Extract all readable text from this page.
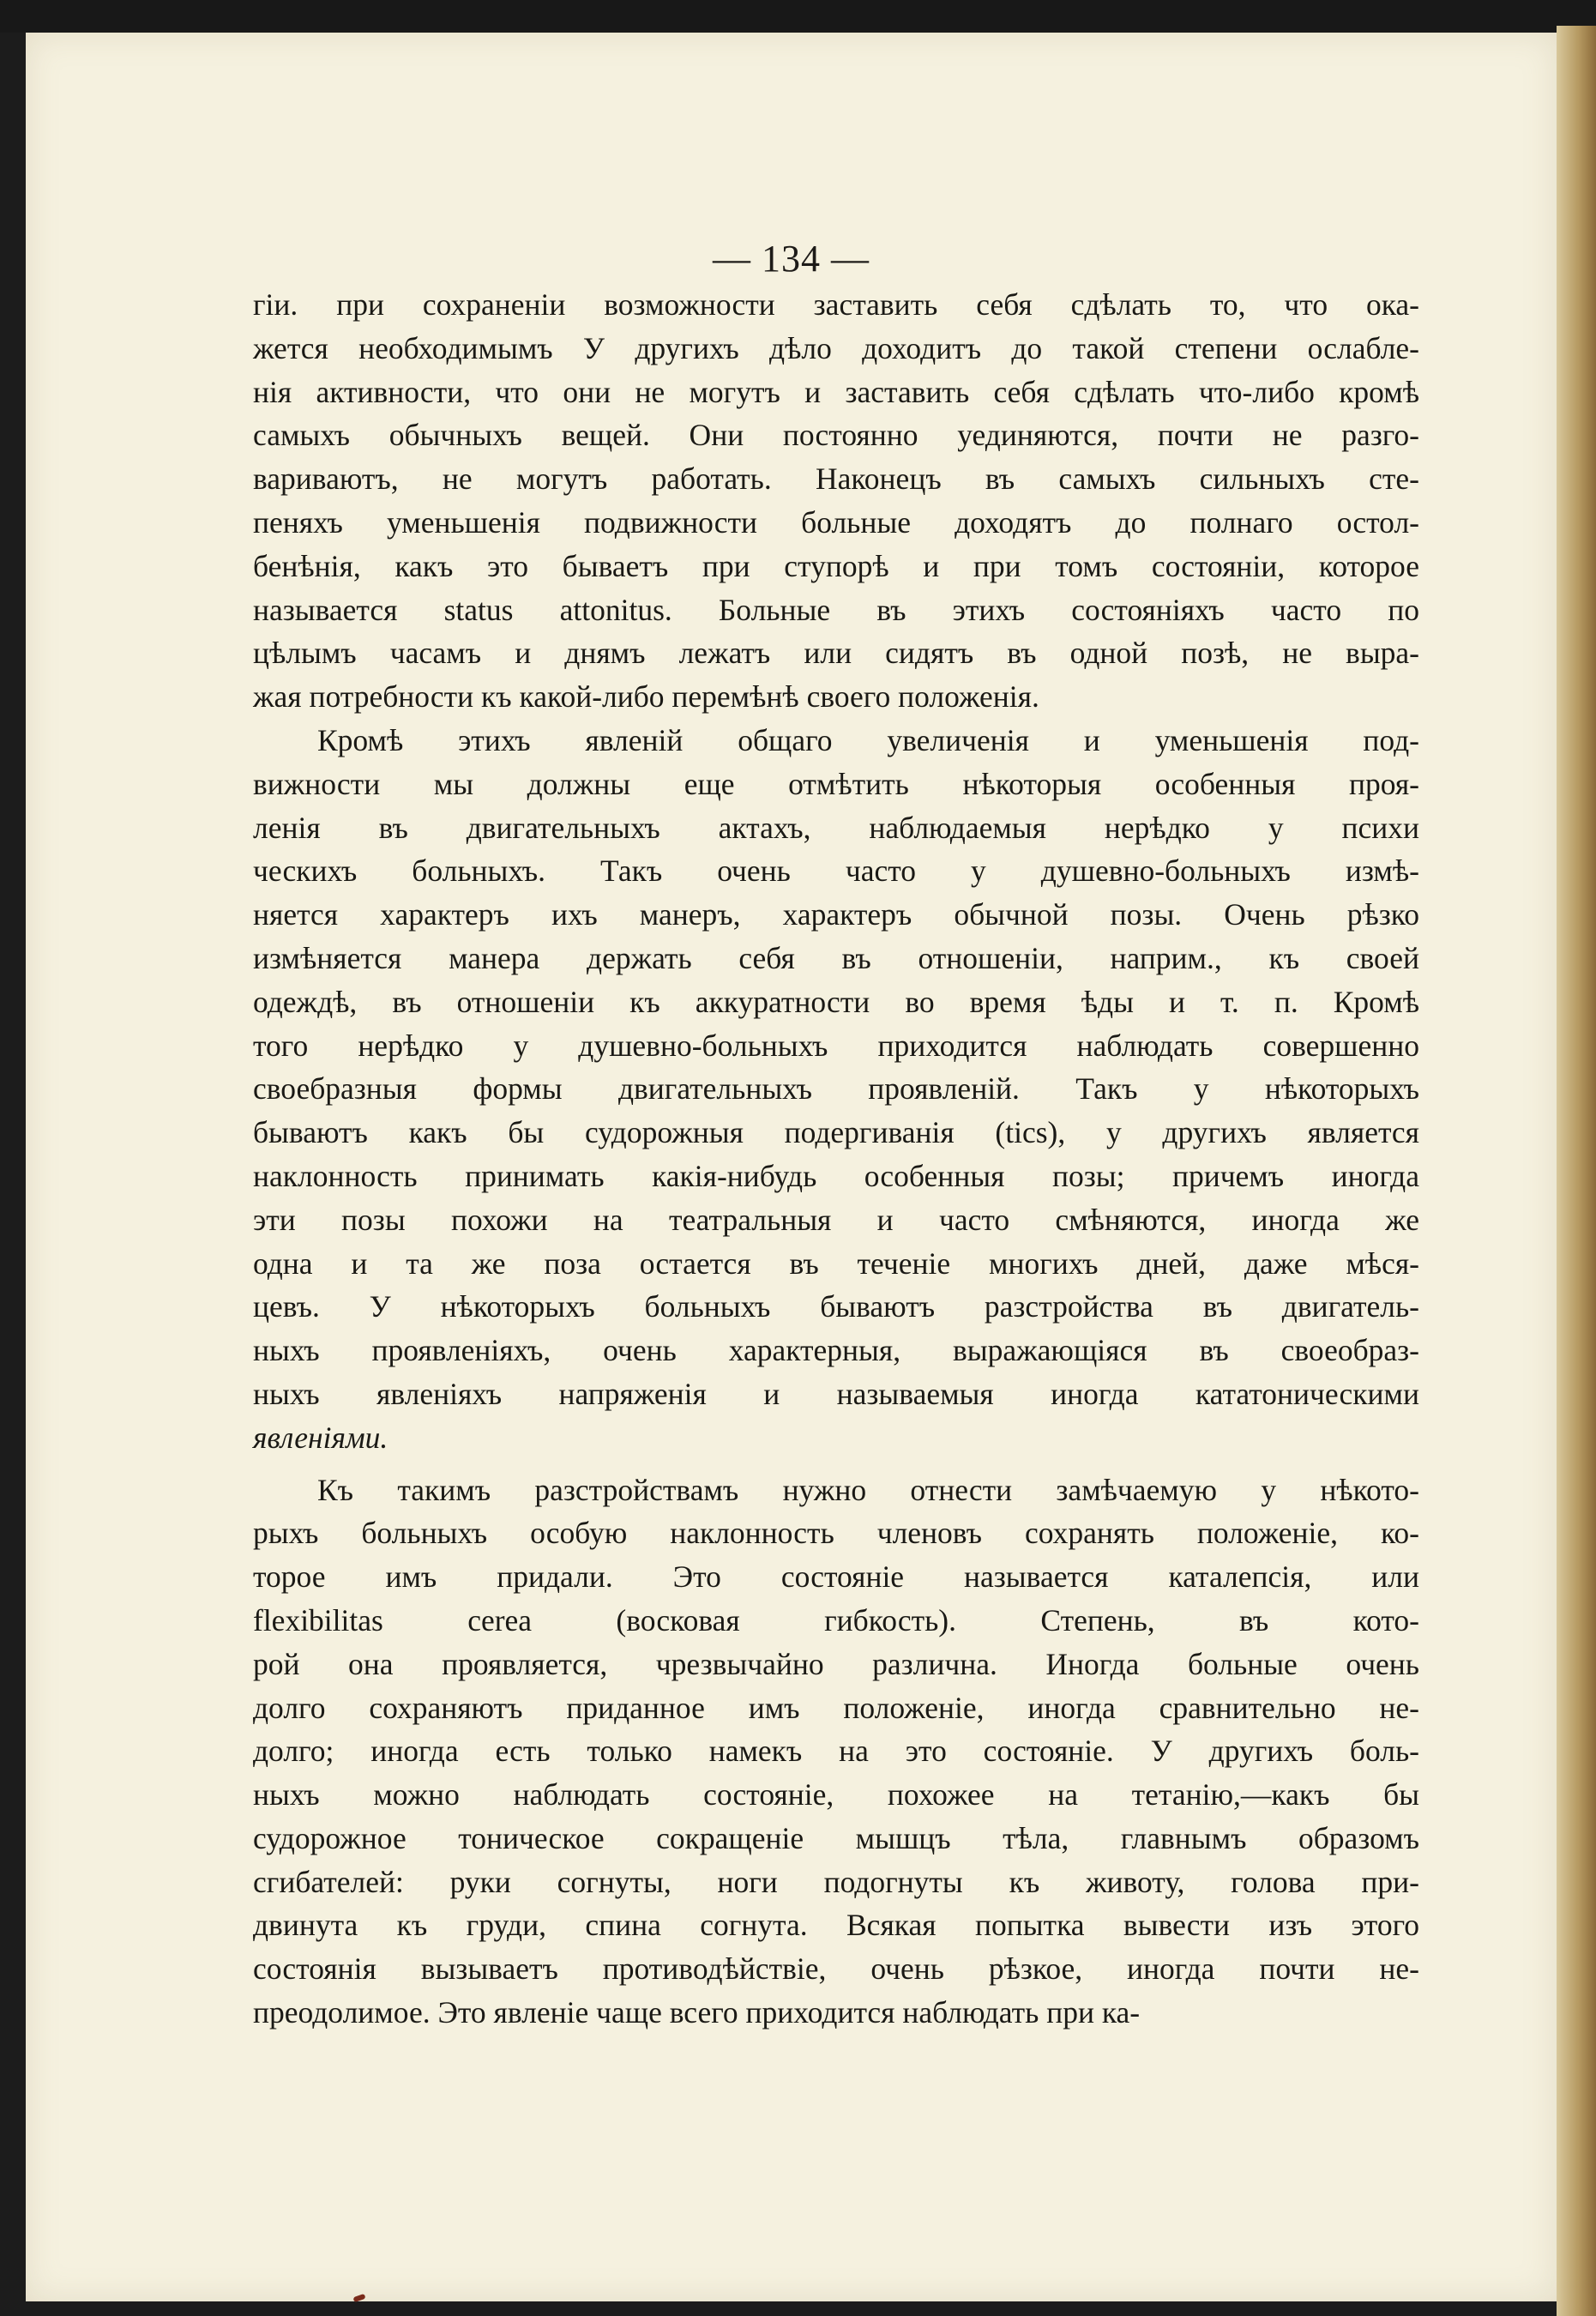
— 134 —
гіи. при сохраненіи возможности заставить себя сдѣлать то, что ока-
жется необходимымъ У другихъ дѣло доходитъ до такой степени ослабле-
нія активности, что они не могутъ и заставить себя сдѣлать что-либо кромѣ
самыхъ обычныхъ вещей. Они постоянно уединяются, почти не разго-
вариваютъ, не могутъ работать. Наконецъ въ самыхъ сильныхъ сте-
пеняхъ уменьшенія подвижности больные доходятъ до полнаго остол-
бенѣнія, какъ это бываетъ при ступорѣ и при томъ состояніи, которое
называется status attonitus. Больные въ этихъ состояніяхъ часто по
цѣлымъ часамъ и днямъ лежатъ или сидятъ въ одной позѣ, не выра-
жая потребности къ какой-либо перемѣнѣ своего положенія.
Кромѣ этихъ явленій общаго увеличенія и уменьшенія под-
вижности мы должны еще отмѣтить нѣкоторыя особенныя проя-
ленія въ двигательныхъ актахъ, наблюдаемыя нерѣдко у психи
ческихъ больныхъ. Такъ очень часто у душевно-больныхъ измѣ-
няется характеръ ихъ манеръ, характеръ обычной позы. Очень рѣзко
измѣняется манера держать себя въ отношеніи, наприм., къ своей
одеждѣ, въ отношеніи къ аккуратности во время ѣды и т. п. Кромѣ
того нерѣдко у душевно-больныхъ приходится наблюдать совершенно
своебразныя формы двигательныхъ проявленій. Такъ у нѣкоторыхъ
бываютъ какъ бы судорожныя подергиванія (tics), у другихъ является
наклонность принимать какія-нибудь особенныя позы; причемъ иногда
эти позы похожи на театральныя и часто смѣняются, иногда же
одна и та же поза остается въ теченіе многихъ дней, даже мѣся-
цевъ. У нѣкоторыхъ больныхъ бываютъ разстройства въ двигатель-
ныхъ проявленіяхъ, очень характерныя, выражающіяся въ своеобраз-
ныхъ явленіяхъ напряженія и называемыя иногда кататоническими
явленіями.
Къ такимъ разстройствамъ нужно отнести замѣчаемую у нѣкото-
рыхъ больныхъ особую наклонность членовъ сохранять положеніе, ко-
торое имъ придали. Это состояніе называется каталепсія, или
flexibilitas cerea (восковая гибкость). Степень, въ кото-
рой она проявляется, чрезвычайно различна. Иногда больные очень
долго сохраняютъ приданное имъ положеніе, иногда сравнительно не-
долго; иногда есть только намекъ на это состояніе. У другихъ боль-
ныхъ можно наблюдать состояніе, похожее на тетанію,—какъ бы
судорожное тоническое сокращеніе мышцъ тѣла, главнымъ образомъ
сгибателей: руки согнуты, ноги подогнуты къ животу, голова при-
двинута къ груди, спина согнута. Всякая попытка вывести изъ этого
состоянія вызываетъ противодѣйствіе, очень рѣзкое, иногда почти не-
преодолимое. Это явленіе чаще всего приходится наблюдать при ка-
